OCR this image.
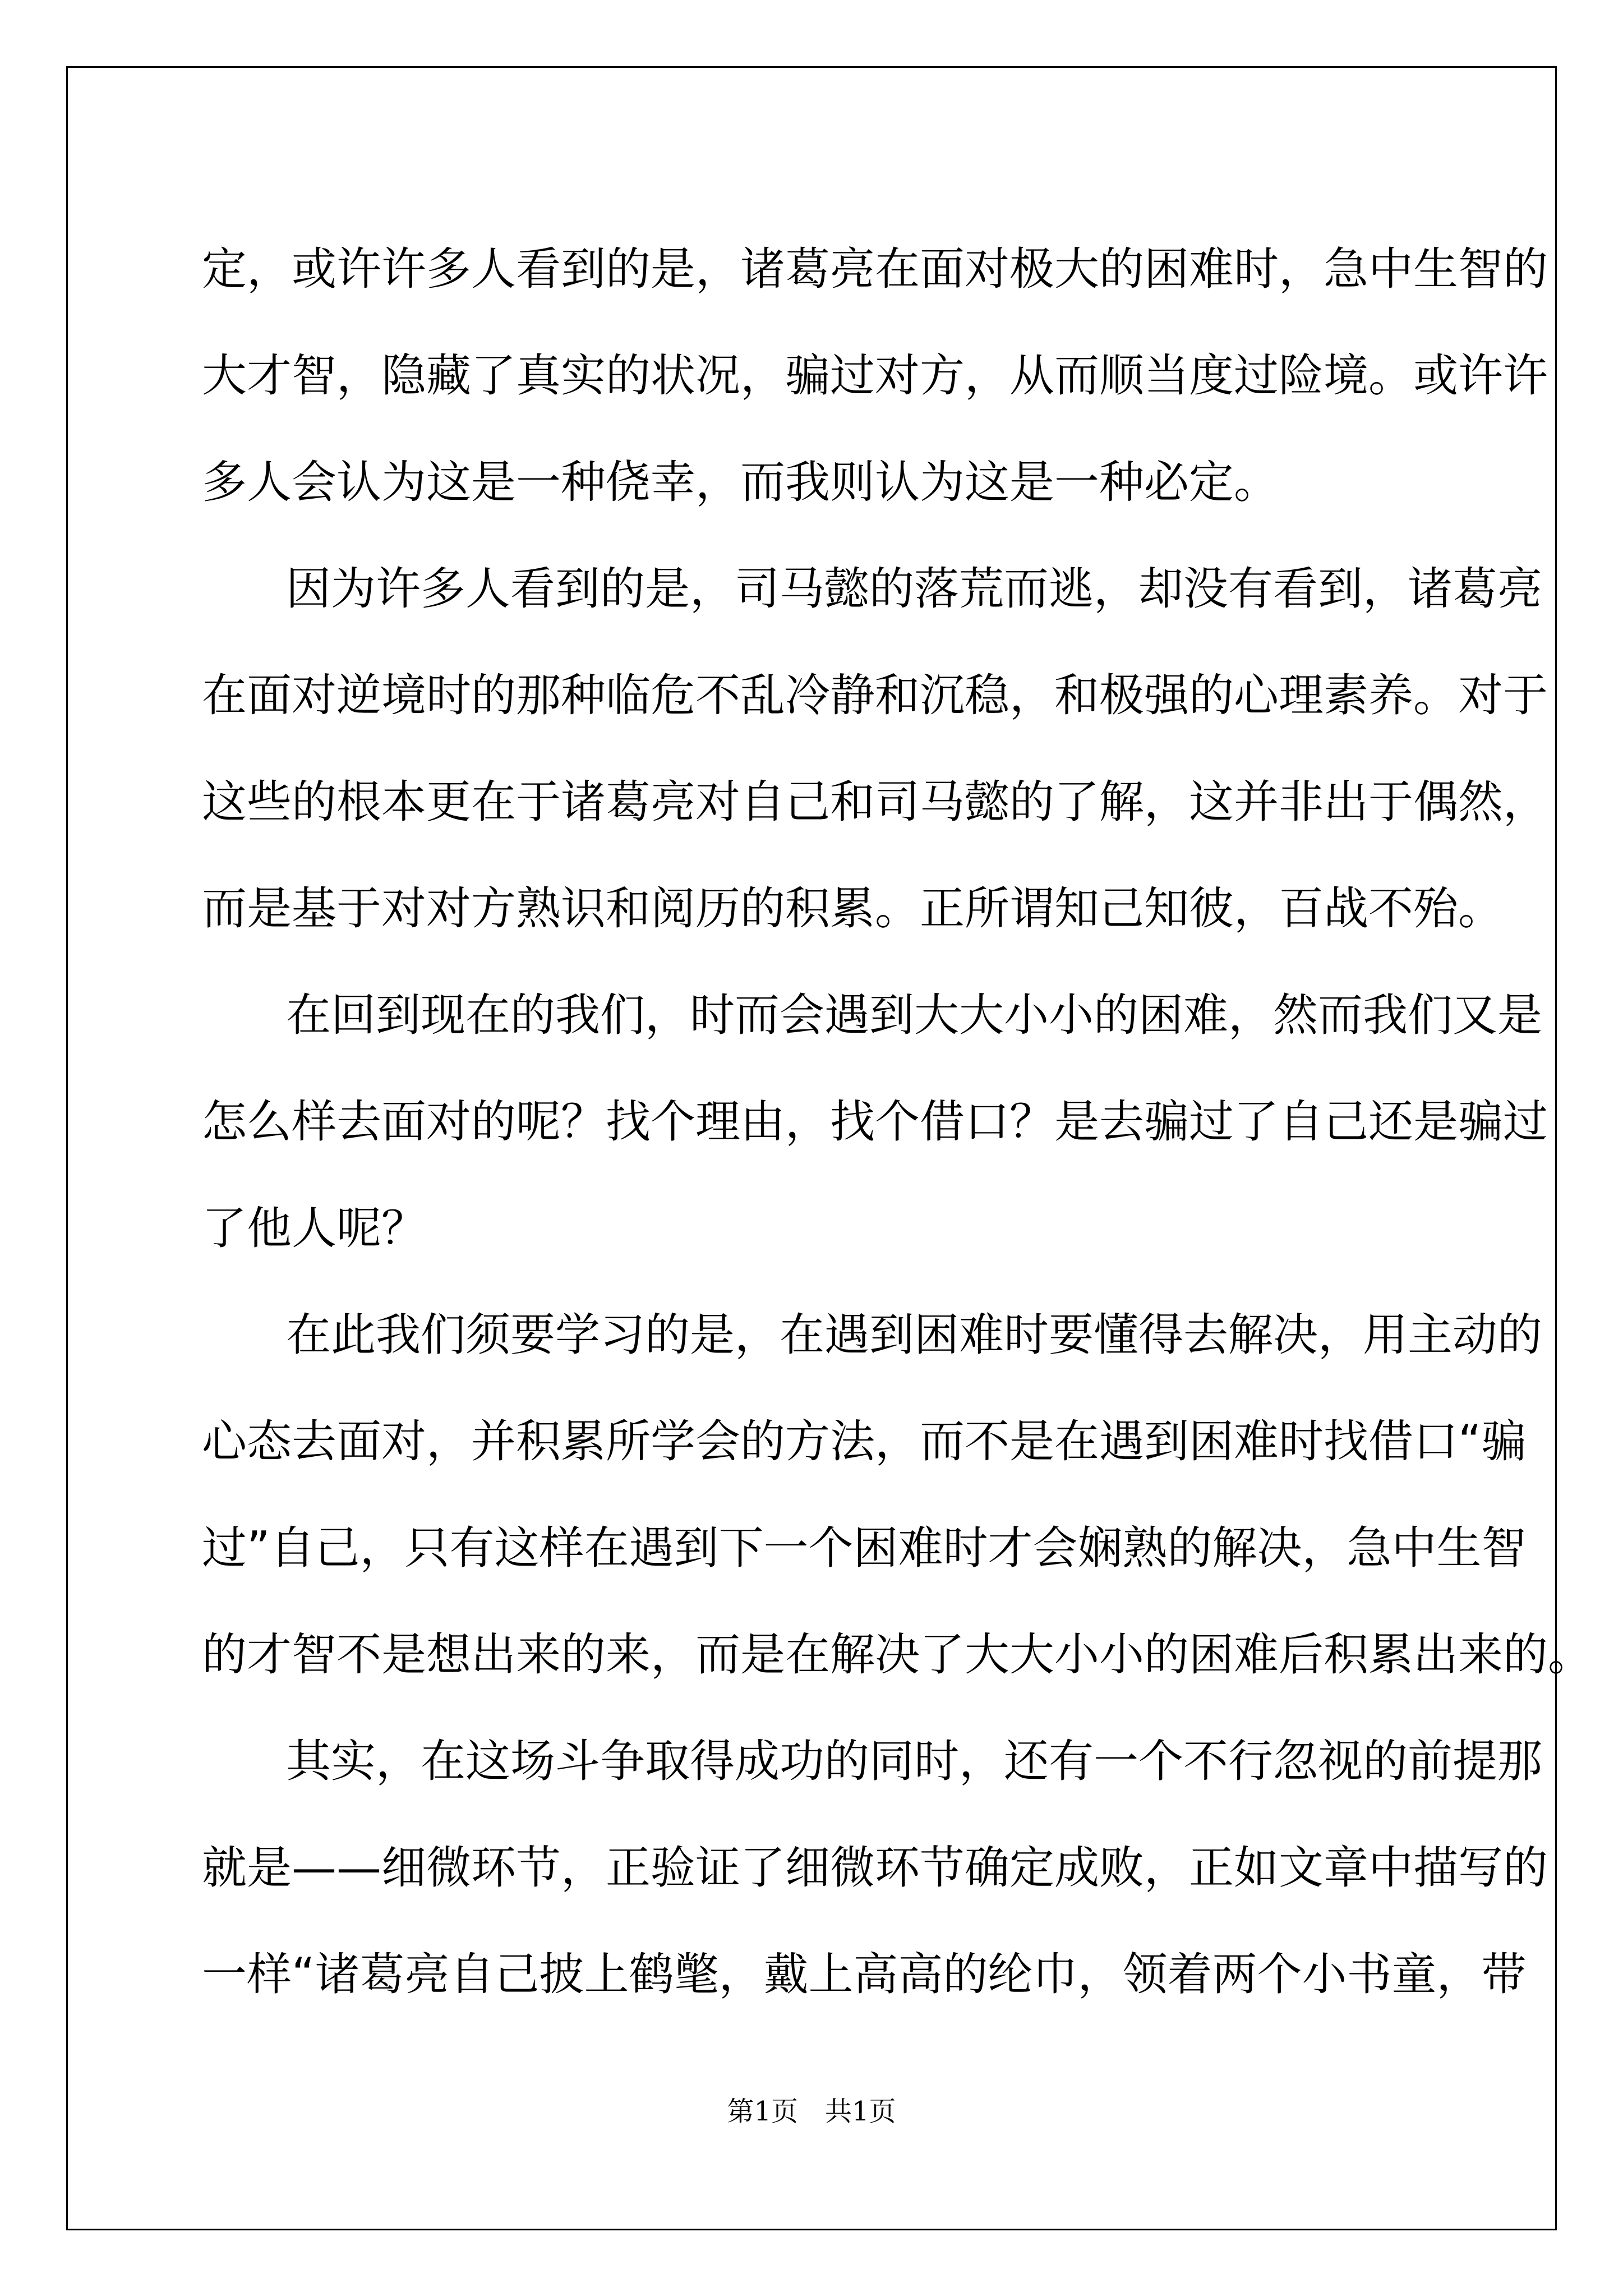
定，或许许多人看到的是，诸葛亮在面对极大的困难时，急中生智的
大才智，隐藏了真实的状况，骗过对方，从而顺当度过险境。或许许
多人会认为这是一种侥幸，而我则认为这是一种必定。

因为许多人看到的是，司马懿的落荒而逃，却没有看到，诸葛亮
在面对逆境时的那种临危不乱冷静和沉稳，和极强的心理素养。对于
这些的根本更在于诸葛亮对自己和司马懿的了解，这并非出于偶然，
而是基于对对方熟识和阅历的积累。正所谓知己知彼，百战不殆。

在回到现在的我们，时而会遇到大大小小的困难，然而我们又是
怎么样去面对的呢？找个理由，找个借口？是去骗过了自己还是骗过
了他人呢？

在此我们须要学习的是，在遇到困难时要懂得去解决，用主动的
心态去面对，并积累所学会的方法，而不是在遇到困难时找借口“骗
过”自己，只有这样在遇到下一个困难时才会娴熟的解决，急中生智
的才智不是想出来的来，而是在解决了大大小小的困难后积累出来的。

其实，在这场斗争取得成功的同时，还有一个不行忽视的前提那
就是——细微环节，正验证了细微环节确定成败，正如文章中描写的
一样“诸葛亮自己披上鹤氅，戴上高高的纶巾，领着两个小书童，带

第1页　共1页
